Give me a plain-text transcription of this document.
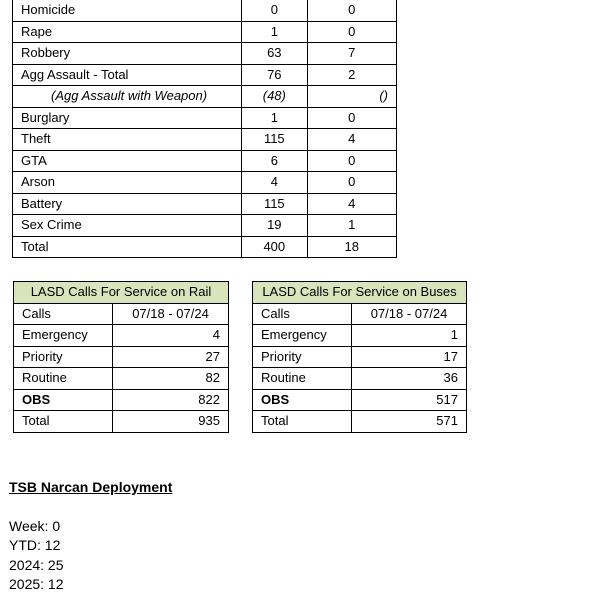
Homicide	0	0
Rape	1	0
Robbery	63	7
Agg Assault - Total	76	2
(Agg Assault with Weapon)	(48)	()
Burglary	1	0
Theft	115	4
GTA	6	0
Arson	4	0
Battery	115	4
Sex Crime	19	1
Total	400	18
LASD Calls For Service on Rail	
Calls	07/18 - 07/24
Emergency	4
Priority	27
Routine	82
OBS	822
Total	935
LASD Calls For Service on Buses	
Calls	07/18 - 07/24
Emergency	1
Priority	17
Routine	36
OBS	517
Total	571
TSB Narcan Deployment
Week: 0
YTD: 12
2024: 25
2025: 12
